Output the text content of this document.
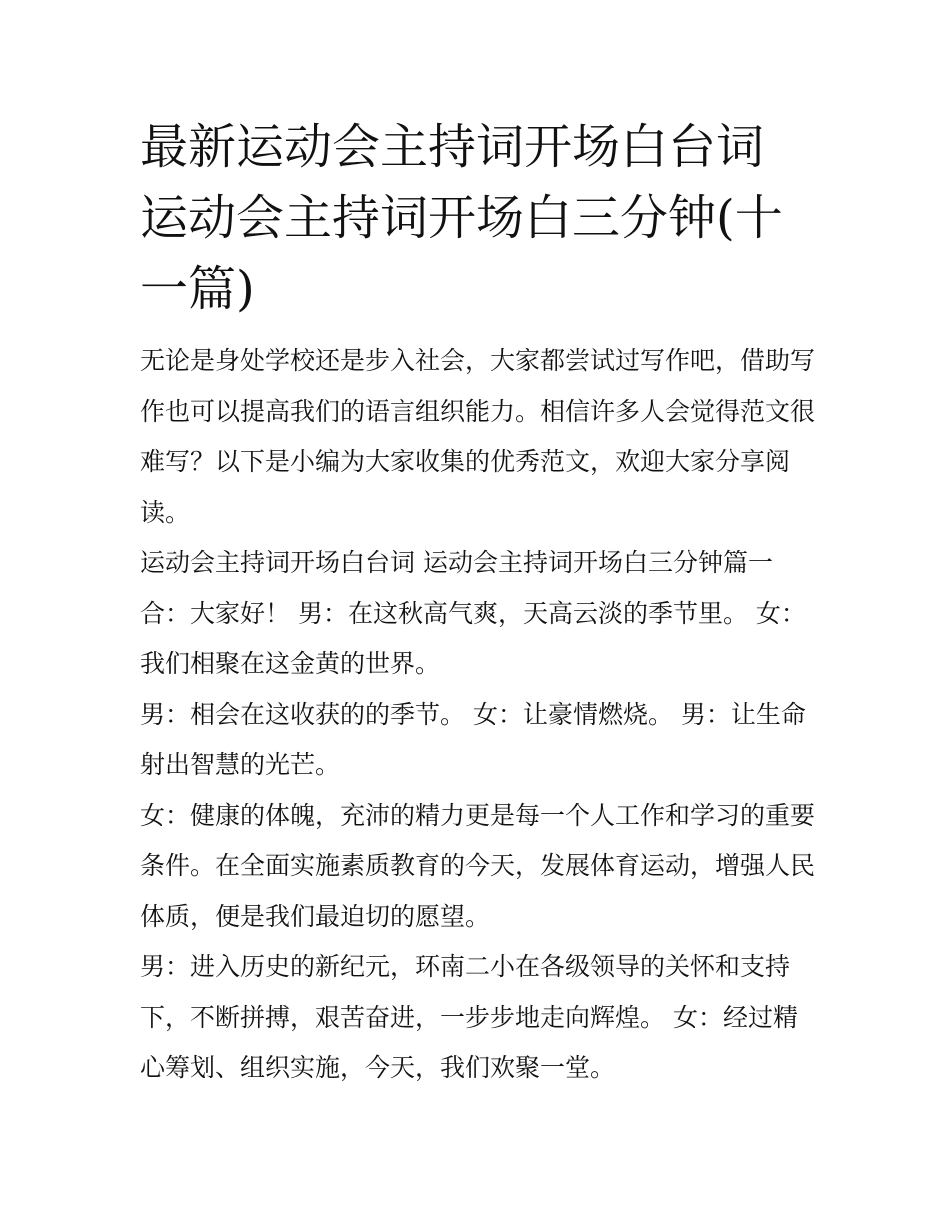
最新运动会主持词开场白台词 运动会主持词开场白三分钟(十一篇)

无论是身处学校还是步入社会，大家都尝试过写作吧，借助写作也可以提高我们的语言组织能力。相信许多人会觉得范文很难写？以下是小编为大家收集的优秀范文，欢迎大家分享阅读。

运动会主持词开场白台词 运动会主持词开场白三分钟篇一

合：大家好！ 男：在这秋高气爽，天高云淡的季节里。 女：我们相聚在这金黄的世界。

男：相会在这收获的的季节。 女：让豪情燃烧。 男：让生命射出智慧的光芒。

女：健康的体魄，充沛的精力更是每一个人工作和学习的重要条件。在全面实施素质教育的今天，发展体育运动，增强人民体质，便是我们最迫切的愿望。

男：进入历史的新纪元，环南二小在各级领导的关怀和支持下，不断拼搏，艰苦奋进，一步步地走向辉煌。 女：经过精心筹划、组织实施，今天，我们欢聚一堂。
